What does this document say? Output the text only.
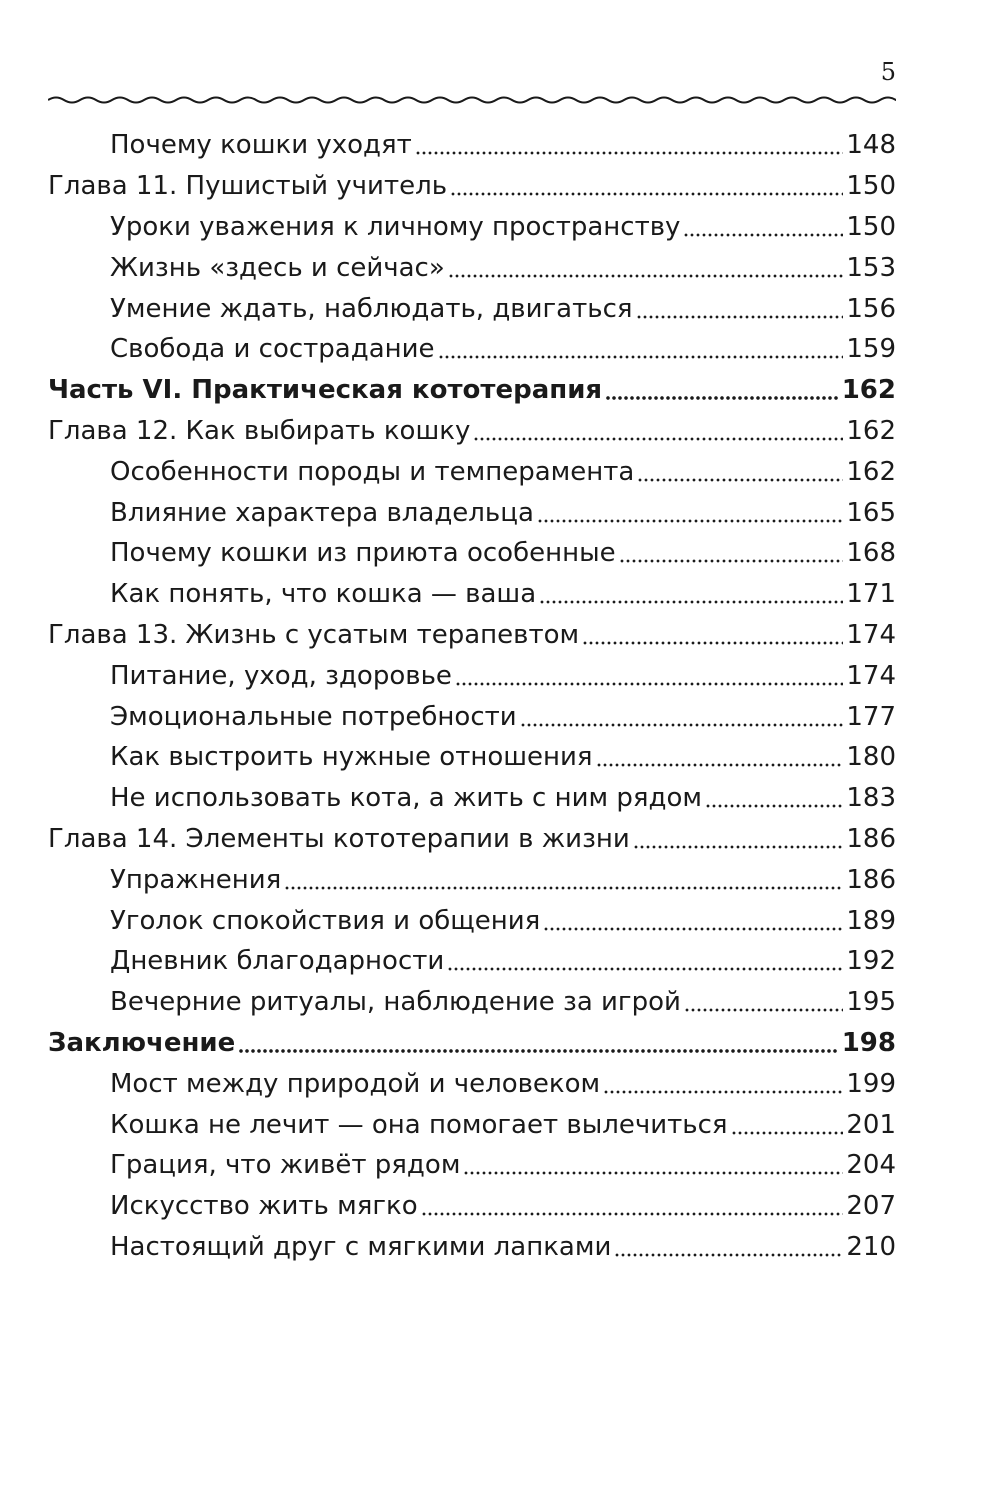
5
Почему кошки уходят	148
Глава 11. Пушистый учитель	150
Уроки уважения к личному пространству	150
Жизнь «здесь и сейчас»	153
Умение ждать, наблюдать, двигаться	156
Свобода и сострадание	159
Часть VI. Практическая кототерапия	162
Глава 12. Как выбирать кошку	162
Особенности породы и темперамента	162
Влияние характера владельца	165
Почему кошки из приюта особенные	168
Как понять, что кошка — ваша	171
Глава 13. Жизнь с усатым терапевтом	174
Питание, уход, здоровье	174
Эмоциональные потребности	177
Как выстроить нужные отношения	180
Не использовать кота, а жить с ним рядом	183
Глава 14. Элементы кототерапии в жизни	186
Упражнения	186
Уголок спокойствия и общения	189
Дневник благодарности	192
Вечерние ритуалы, наблюдение за игрой	195
Заключение	198
Мост между природой и человеком	199
Кошка не лечит — она помогает вылечиться	201
Грация, что живёт рядом	204
Искусство жить мягко	207
Настоящий друг с мягкими лапками	210
